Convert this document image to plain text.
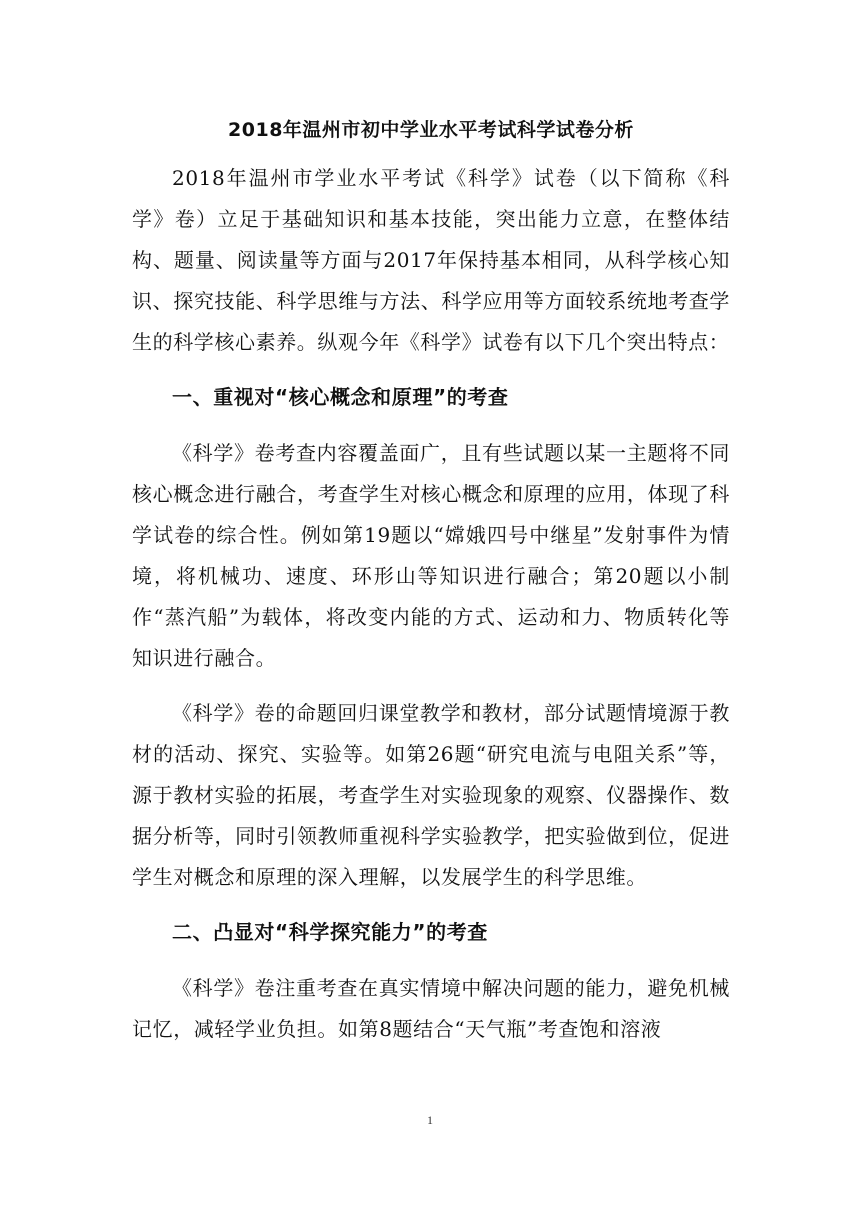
2018年温州市初中学业水平考试科学试卷分析

2018年温州市学业水平考试《科学》试卷（以下简称《科学》卷）立足于基础知识和基本技能，突出能力立意，在整体结构、题量、阅读量等方面与2017年保持基本相同，从科学核心知识、探究技能、科学思维与方法、科学应用等方面较系统地考查学生的科学核心素养。纵观今年《科学》试卷有以下几个突出特点：

一、重视对“核心概念和原理”的考查

《科学》卷考查内容覆盖面广，且有些试题以某一主题将不同核心概念进行融合，考查学生对核心概念和原理的应用，体现了科学试卷的综合性。例如第19题以“嫦娥四号中继星”发射事件为情境，将机械功、速度、环形山等知识进行融合；第20题以小制作“蒸汽船”为载体，将改变内能的方式、运动和力、物质转化等知识进行融合。

《科学》卷的命题回归课堂教学和教材，部分试题情境源于教材的活动、探究、实验等。如第26题“研究电流与电阻关系”等，源于教材实验的拓展，考查学生对实验现象的观察、仪器操作、数据分析等，同时引领教师重视科学实验教学，把实验做到位，促进学生对概念和原理的深入理解，以发展学生的科学思维。

二、凸显对“科学探究能力”的考查

《科学》卷注重考查在真实情境中解决问题的能力，避免机械记忆，减轻学业负担。如第8题结合“天气瓶”考查饱和溶液

1
